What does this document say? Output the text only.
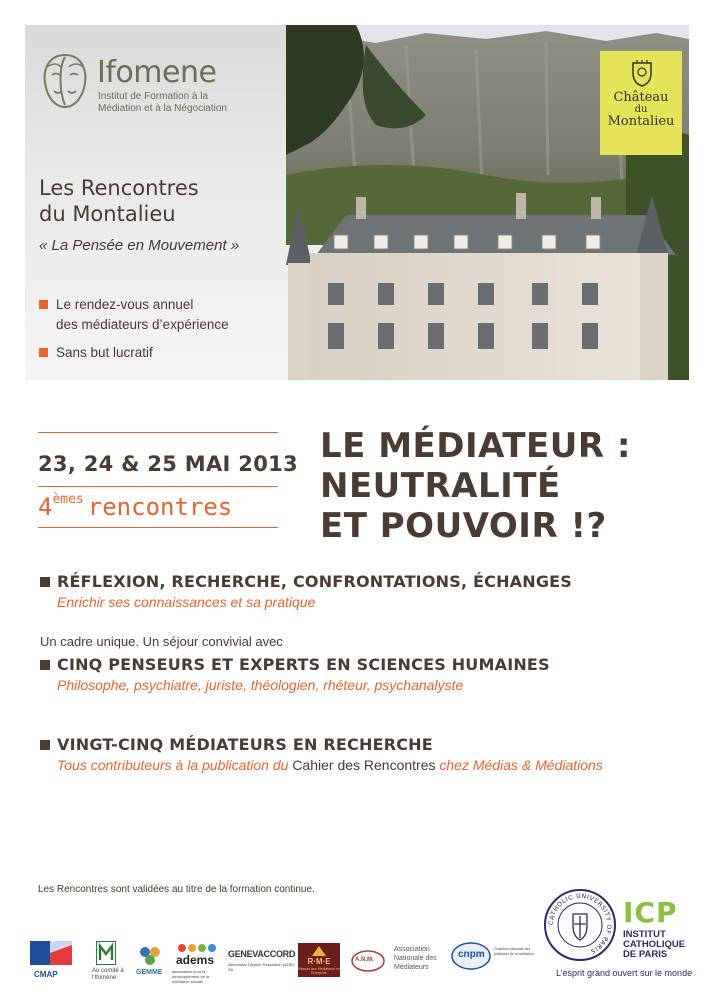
Ifomene
Institut de Formation à la
Médiation et à la Négociation
Les Rencontres
du Montalieu
« La Pensée en Mouvement »
Le rendez-vous annuel
des médiateurs d’expérience
Sans but lucratif
Château
du
Montalieu
23, 24 & 25 MAI 2013
4èmes rencontres
LE MÉDIATEUR :
NEUTRALITÉ
ET POUVOIR !?
RÉFLEXION, RECHERCHE, CONFRONTATIONS, ÉCHANGES
Enrichir ses connaissances et sa pratique
Un cadre unique. Un séjour convivial avec
CINQ PENSEURS ET EXPERTS EN SCIENCES HUMAINES
Philosophe, psychiatre, juriste, théologien, rhéteur, psychanalyste
VINGT-CINQ MÉDIATEURS EN RECHERCHE
Tous contributeurs à la publication du Cahier des Rencontres chez Médias & Médiations
Les Rencontres sont validées au titre de la formation continue.
CMAP	Au comité à l'Ifomene
GEMME
adems
association pour le développement de la médiation sociale
GENEVACCORD
Alternative Dispute Resolution (ADR) SA
R·M·E
Réseau des Médiateurs en Entreprise
A.N.M.
Association
Nationale des
Médiateurs
cnpm	Chambre nationale des praticiens de la médiation
CATHOLIC UNIVERSITY OF PARIS
ICP
INSTITUT
CATHOLIQUE
DE PARIS
L’esprit grand ouvert sur le monde
